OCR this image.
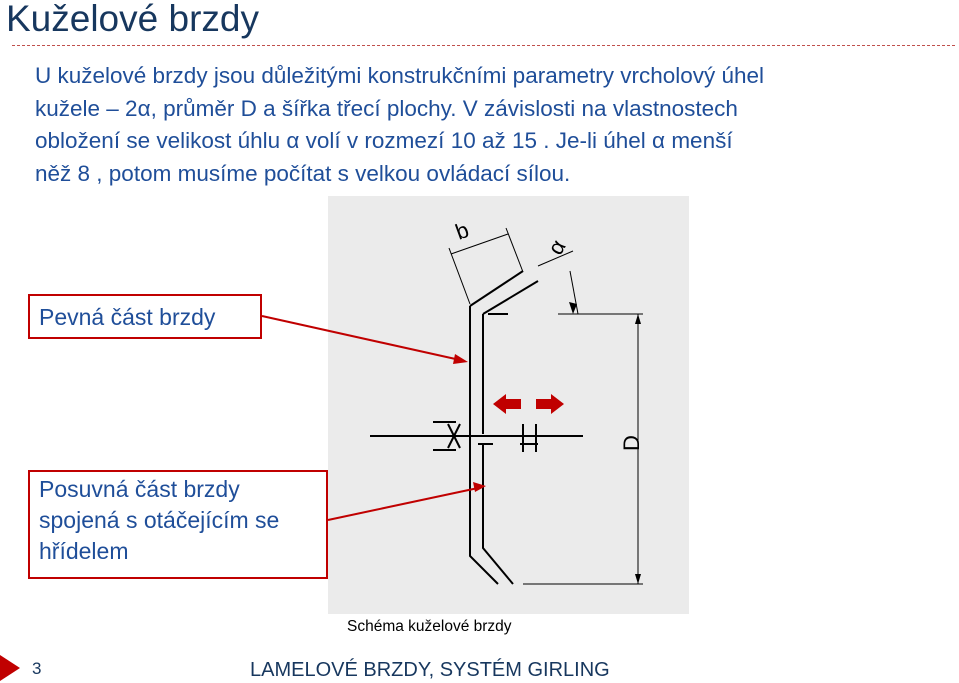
Kuželové brzdy
U kuželové brzdy jsou důležitými konstrukčními parametry vrcholový úhel
kužele – 2α, průměr D a šířka třecí plochy. V závislosti na vlastnostech
obložení se velikost úhlu α volí v rozmezí 10 až 15 . Je-li úhel α menší
něž 8 , potom musíme počítat s velkou ovládací sílou.
b
α
D
Pevná část brzdy
Posuvná část brzdy
spojená s otáčejícím se
hřídelem
Schéma kuželové brzdy
3	LAMELOVÉ BRZDY, SYSTÉM GIRLING
